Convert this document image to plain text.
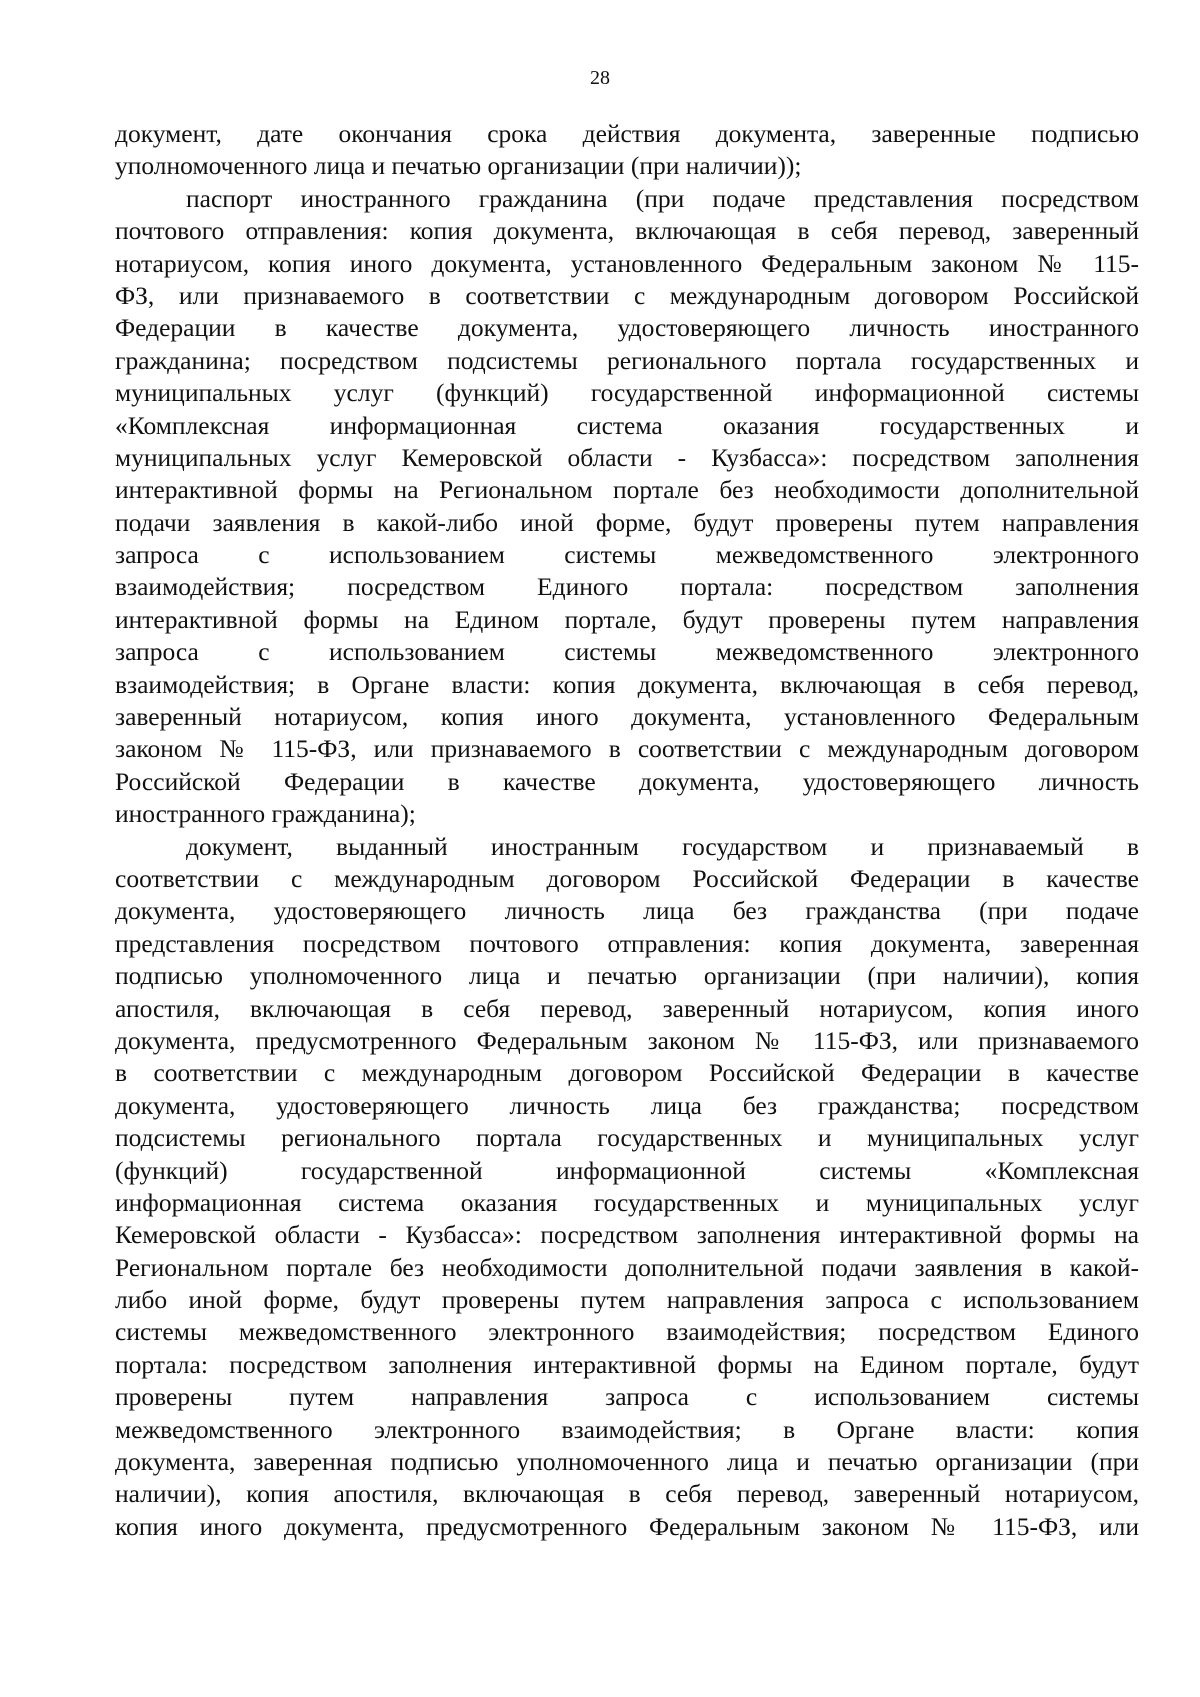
28
документ, дате окончания срока действия документа, заверенные подписью
уполномоченного лица и печатью организации (при наличии));
паспорт иностранного гражданина (при подаче представления посредством
почтового отправления: копия документа, включающая в себя перевод, заверенный
нотариусом, копия иного документа, установленного Федеральным законом № 115-
ФЗ, или признаваемого в соответствии с международным договором Российской
Федерации в качестве документа, удостоверяющего личность иностранного
гражданина; посредством подсистемы регионального портала государственных и
муниципальных услуг (функций) государственной информационной системы
«Комплексная информационная система оказания государственных и
муниципальных услуг Кемеровской области - Кузбасса»: посредством заполнения
интерактивной формы на Региональном портале без необходимости дополнительной
подачи заявления в какой-либо иной форме, будут проверены путем направления
запроса с использованием системы межведомственного электронного
взаимодействия; посредством Единого портала: посредством заполнения
интерактивной формы на Едином портале, будут проверены путем направления
запроса с использованием системы межведомственного электронного
взаимодействия; в Органе власти: копия документа, включающая в себя перевод,
заверенный нотариусом, копия иного документа, установленного Федеральным
законом № 115-ФЗ, или признаваемого в соответствии с международным договором
Российской Федерации в качестве документа, удостоверяющего личность
иностранного гражданина);
документ, выданный иностранным государством и признаваемый в
соответствии с международным договором Российской Федерации в качестве
документа, удостоверяющего личность лица без гражданства (при подаче
представления посредством почтового отправления: копия документа, заверенная
подписью уполномоченного лица и печатью организации (при наличии), копия
апостиля, включающая в себя перевод, заверенный нотариусом, копия иного
документа, предусмотренного Федеральным законом № 115-ФЗ, или признаваемого
в соответствии с международным договором Российской Федерации в качестве
документа, удостоверяющего личность лица без гражданства; посредством
подсистемы регионального портала государственных и муниципальных услуг
(функций) государственной информационной системы «Комплексная
информационная система оказания государственных и муниципальных услуг
Кемеровской области - Кузбасса»: посредством заполнения интерактивной формы на
Региональном портале без необходимости дополнительной подачи заявления в какой-
либо иной форме, будут проверены путем направления запроса с использованием
системы межведомственного электронного взаимодействия; посредством Единого
портала: посредством заполнения интерактивной формы на Едином портале, будут
проверены путем направления запроса с использованием системы
межведомственного электронного взаимодействия; в Органе власти: копия
документа, заверенная подписью уполномоченного лица и печатью организации (при
наличии), копия апостиля, включающая в себя перевод, заверенный нотариусом,
копия иного документа, предусмотренного Федеральным законом № 115-ФЗ, или
